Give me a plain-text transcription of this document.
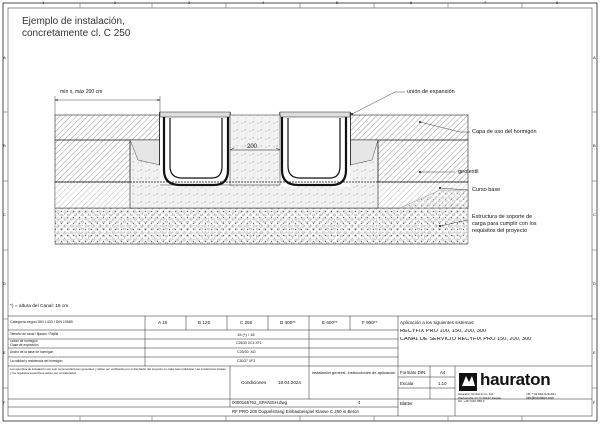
1	2	3	4	5	6	7	8
A
B
C
D
E
F
A
B
C
D
E
F
Ejemplo de instalación,
concretamente cl. C 250
mín x, máx 200 cm
200
unión de expansión
Capa de uso del hormigón
geotextil
Curso base
Estructura de soporte de
carga para cumplir con los
requisitos del proyecto
*) = altura del Canal: 16 cm
Categoría según DIN 1433 / DIN 19580	A 15	B 125	C 250	D 400**	E 600**	F 900**
Tamaño de canal / fijación / Rejilla	15 (*) / 16
Grado de hormigón
Clase de exposición	C25/30 XC4 XF1
Ancho de la base de hormigón	C25/30 .XD
La calidad y resistencia del hormigón	C30/37 XF3
Los ejemplos de instalación son solo recomendaciones generales y deben ser verificados por el diseñador del proyecto en cada caso individual. Las condiciones locales y los requisitos específicos deben ser considerados.
Condiciones	18.04.2024
instalación general, instrucciones de aplicación
0000165762_SPANISH.dwg	4
RF PRO 200 Doppelstrang Einbaubeispiel Klasse C 250 in Beton
Aplicación a los siguientes sistemas:
RECYFIX PRO 100, 150, 200, 300
CANAL DE SERVICIO RECYFIX PRO 150, 200, 300
Formato DIN	A4
Escala	1:10
Blätter
hauraton
Hauraton GmbH & Co. KG
Werkstraße 13, D-76437 Rastatt
Tel. +49 7222 958 0
Tel. +34 663 628 581
info@hauraton.com
